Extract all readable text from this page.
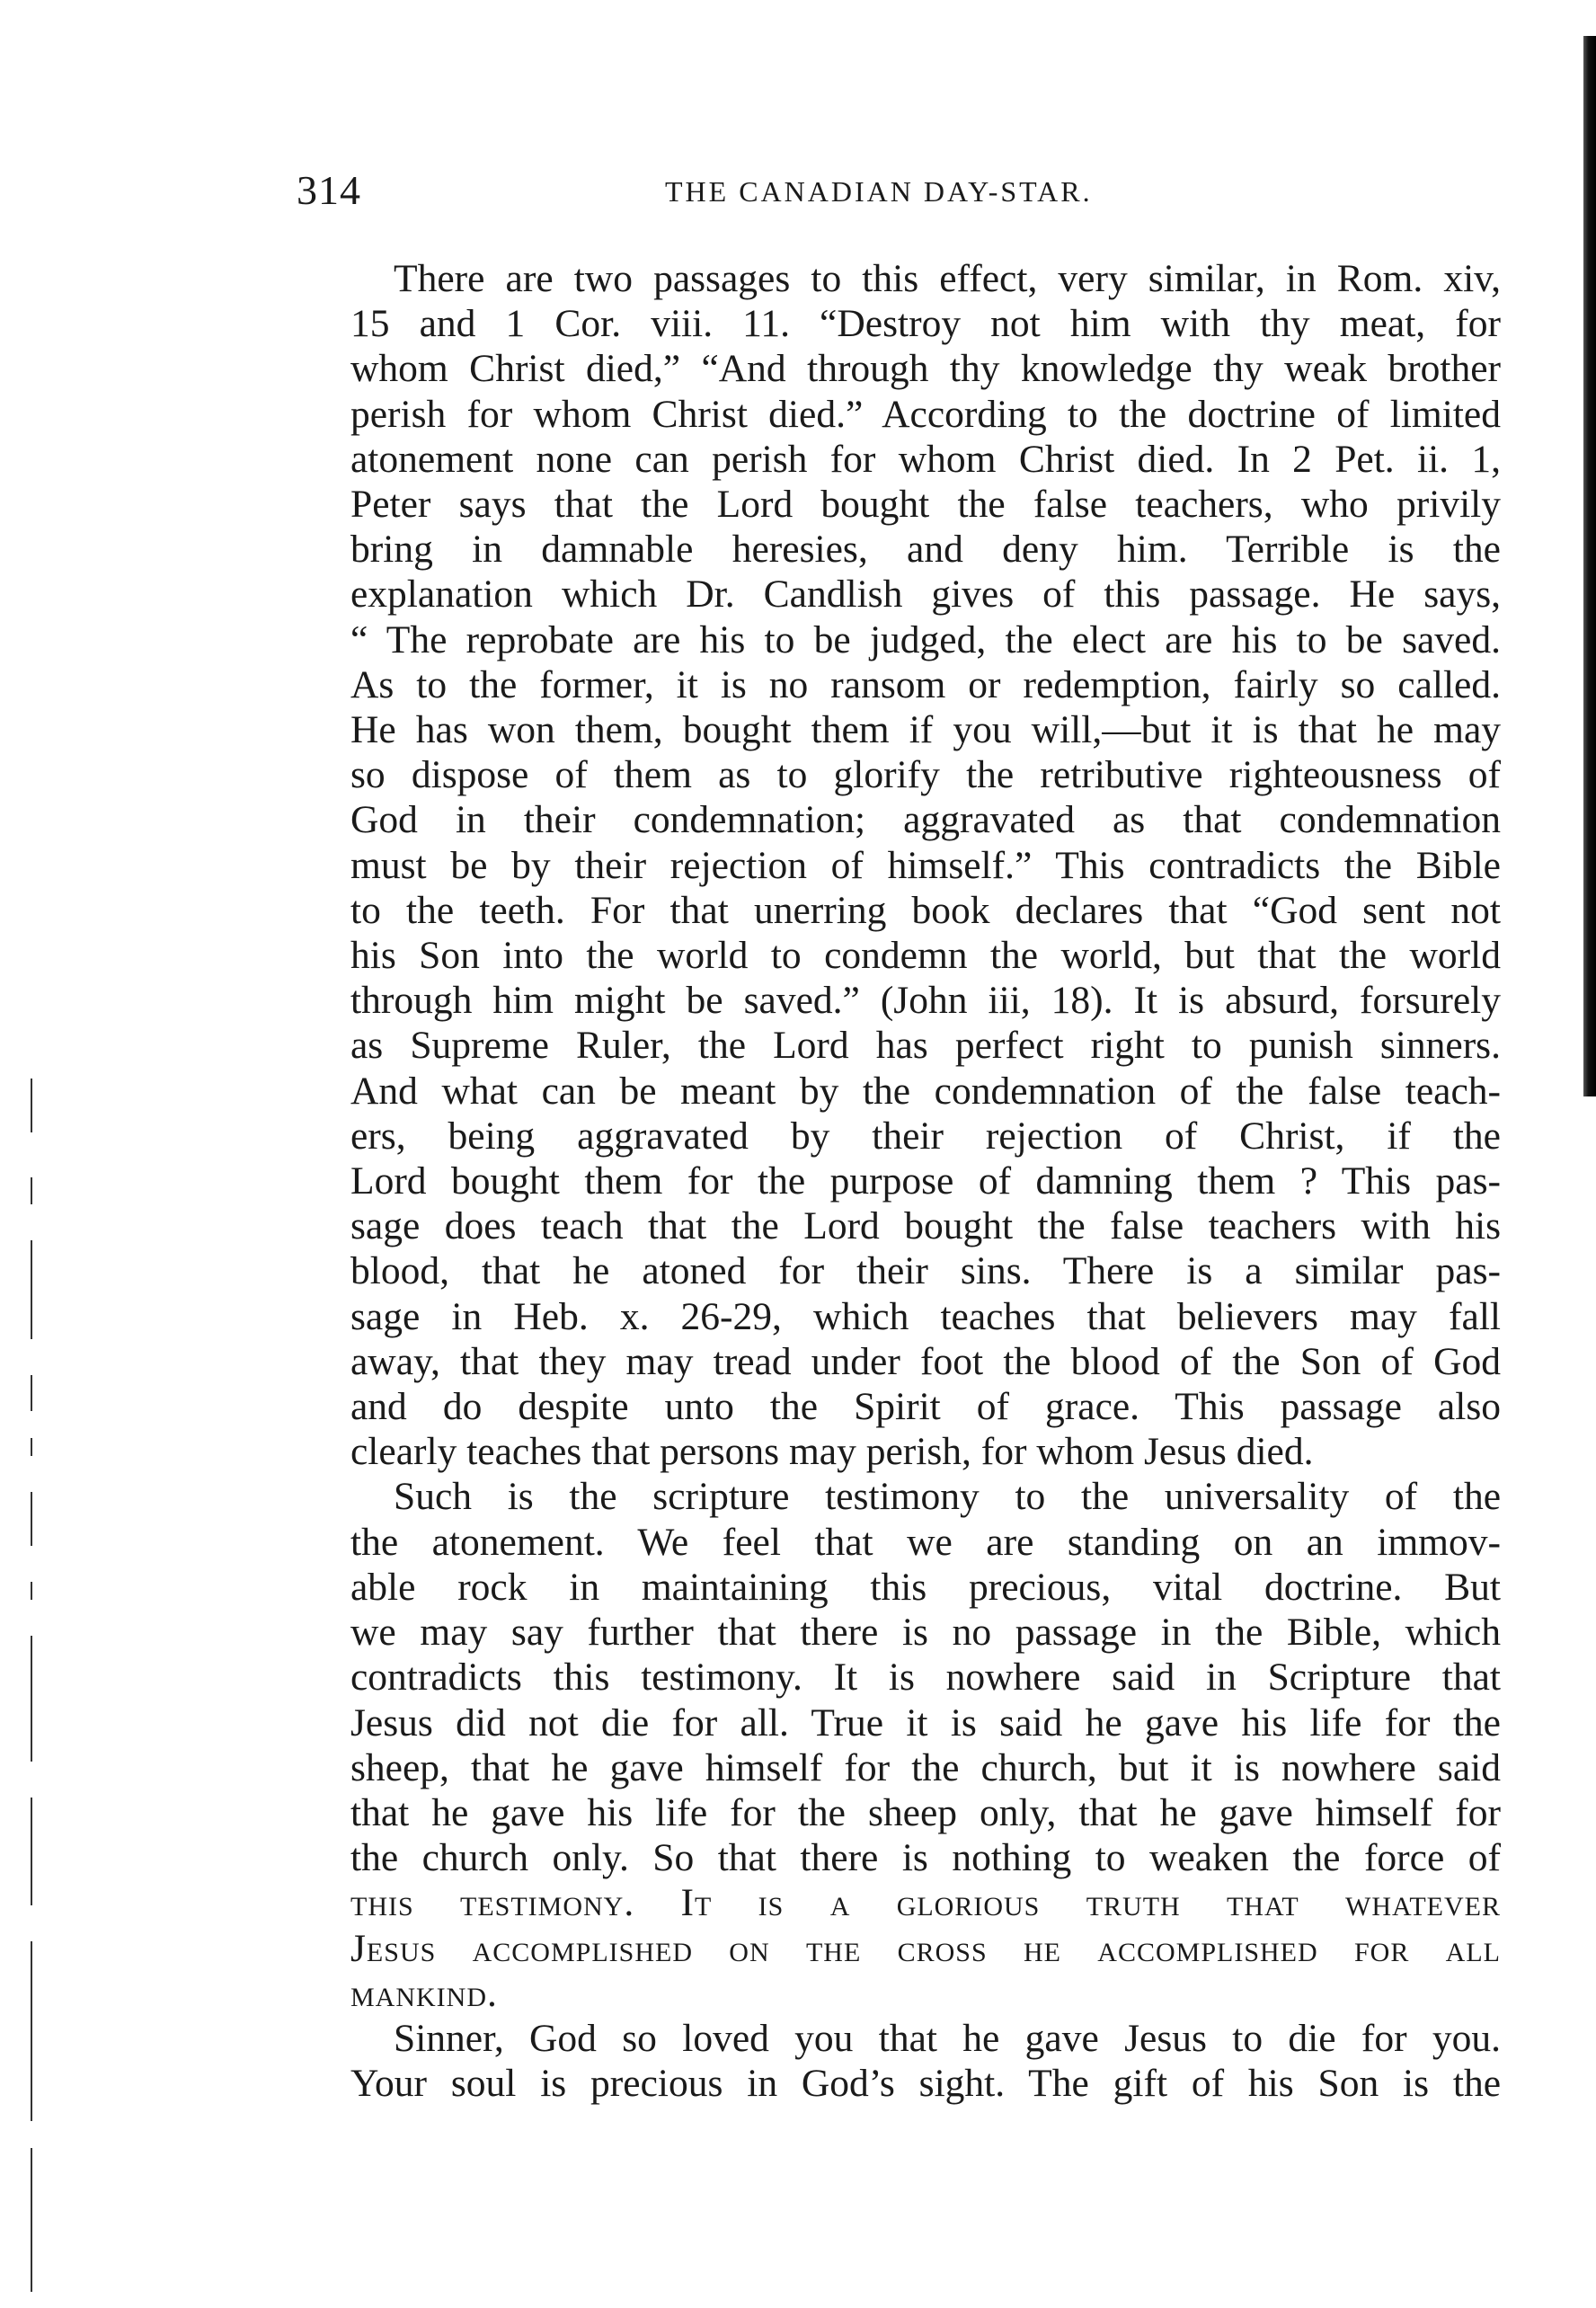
314	THE CANADIAN DAY-STAR.

There are two passages to this effect, very similar, in Rom. xiv,
15 and 1 Cor. viii. 11. “Destroy not him with thy meat, for
whom Christ died,” “And through thy knowledge thy weak brother
perish for whom Christ died.” According to the doctrine of limited
atonement none can perish for whom Christ died. In 2 Pet. ii. 1,
Peter says that the Lord bought the false teachers, who privily
bring in damnable heresies, and deny him. Terrible is the
explanation which Dr. Candlish gives of this passage. He says,
“ The reprobate are his to be judged, the elect are his to be saved.
As to the former, it is no ransom or redemption, fairly so called.
He has won them, bought them if you will,—but it is that he may
so dispose of them as to glorify the retributive righteousness of
God in their condemnation; aggravated as that condemnation
must be by their rejection of himself.” This contradicts the Bible
to the teeth. For that unerring book declares that “God sent not
his Son into the world to condemn the world, but that the world
through him might be saved.” (John iii, 18). It is absurd, forsurely
as Supreme Ruler, the Lord has perfect right to punish sinners.
And what can be meant by the condemnation of the false teach-
ers, being aggravated by their rejection of Christ, if the
Lord bought them for the purpose of damning them ? This pas-
sage does teach that the Lord bought the false teachers with his
blood, that he atoned for their sins. There is a similar pas-
sage in Heb. x. 26-29, which teaches that believers may fall
away, that they may tread under foot the blood of the Son of God
and do despite unto the Spirit of grace. This passage also
clearly teaches that persons may perish, for whom Jesus died.

Such is the scripture testimony to the universality of the
the atonement. We feel that we are standing on an immov-
able rock in maintaining this precious, vital doctrine. But
we may say further that there is no passage in the Bible, which
contradicts this testimony. It is nowhere said in Scripture that
Jesus did not die for all. True it is said he gave his life for the
sheep, that he gave himself for the church, but it is nowhere said
that he gave his life for the sheep only, that he gave himself for
the church only. So that there is nothing to weaken the force of
this testimony. It is a glorious truth that whatever
Jesus accomplished on the cross he accomplished for all
mankind.

Sinner, God so loved you that he gave Jesus to die for you.
Your soul is precious in God’s sight. The gift of his Son is the
